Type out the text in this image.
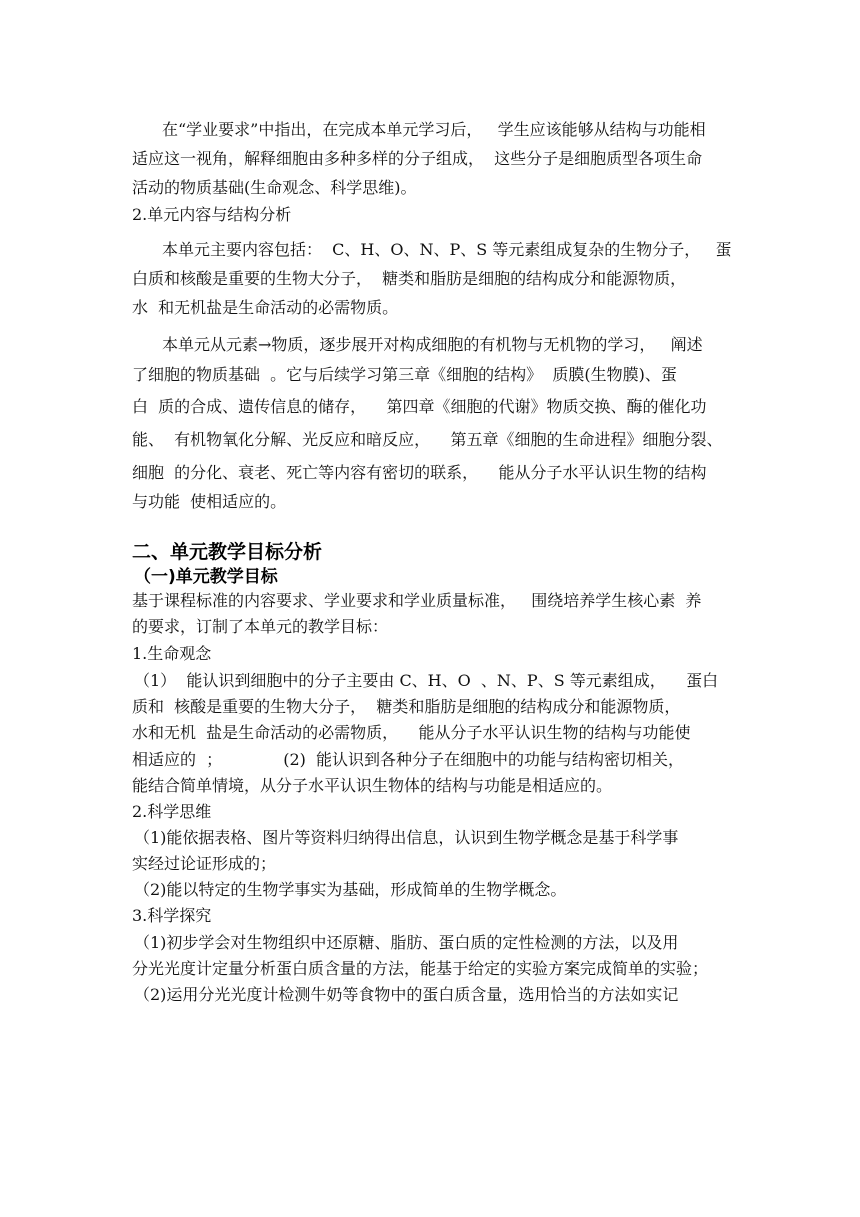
在“学业要求”中指出，在完成本单元学习后，   学生应该能够从结构与功能相
适应这一视角，解释细胞由多种多样的分子组成，  这些分子是细胞质型各项生命
活动的物质基础(生命观念、科学思维)。
2.单元内容与结构分析
本单元主要内容包括：  C、H、O、N、P、S 等元素组成复杂的生物分子，   蛋
白质和核酸是重要的生物大分子，  糖类和脂肪是细胞的结构成分和能源物质，
水  和无机盐是生命活动的必需物质。
本单元从元素→物质，逐步展开对构成细胞的有机物与无机物的学习，   阐述
了细胞的物质基础  。它与后续学习第三章《细胞的结构》  质膜(生物膜)、蛋
白  质的合成、遗传信息的储存，    第四章《细胞的代谢》物质交换、酶的催化功
能、  有机物氧化分解、光反应和暗反应，    第五章《细胞的生命进程》细胞分裂、
细胞  的分化、衰老、死亡等内容有密切的联系，    能从分子水平认识生物的结构
与功能  使相适应的。
二、单元教学目标分析
（一)单元教学目标
基于课程标准的内容要求、学业要求和学业质量标准，   围绕培养学生核心素  养
的要求，订制了本单元的教学目标：
1.生命观念
（1）  能认识到细胞中的分子主要由 C、H、O  、N、P、S 等元素组成，    蛋白
质和  核酸是重要的生物大分子，  糖类和脂肪是细胞的结构成分和能源物质，
水和无机  盐是生命活动的必需物质，    能从分子水平认识生物的结构与功能使
相适应的  ；            (2)  能认识到各种分子在细胞中的功能与结构密切相关，
能结合简单情境，从分子水平认识生物体的结构与功能是相适应的。
2.科学思维
（1)能依据表格、图片等资料归纳得出信息，认识到生物学概念是基于科学事
实经过论证形成的；
（2)能以特定的生物学事实为基础，形成简单的生物学概念。
3.科学探究
（1)初步学会对生物组织中还原糖、脂肪、蛋白质的定性检测的方法，以及用
分光光度计定量分析蛋白质含量的方法，能基于给定的实验方案完成简单的实验；
（2)运用分光光度计检测牛奶等食物中的蛋白质含量，选用恰当的方法如实记
